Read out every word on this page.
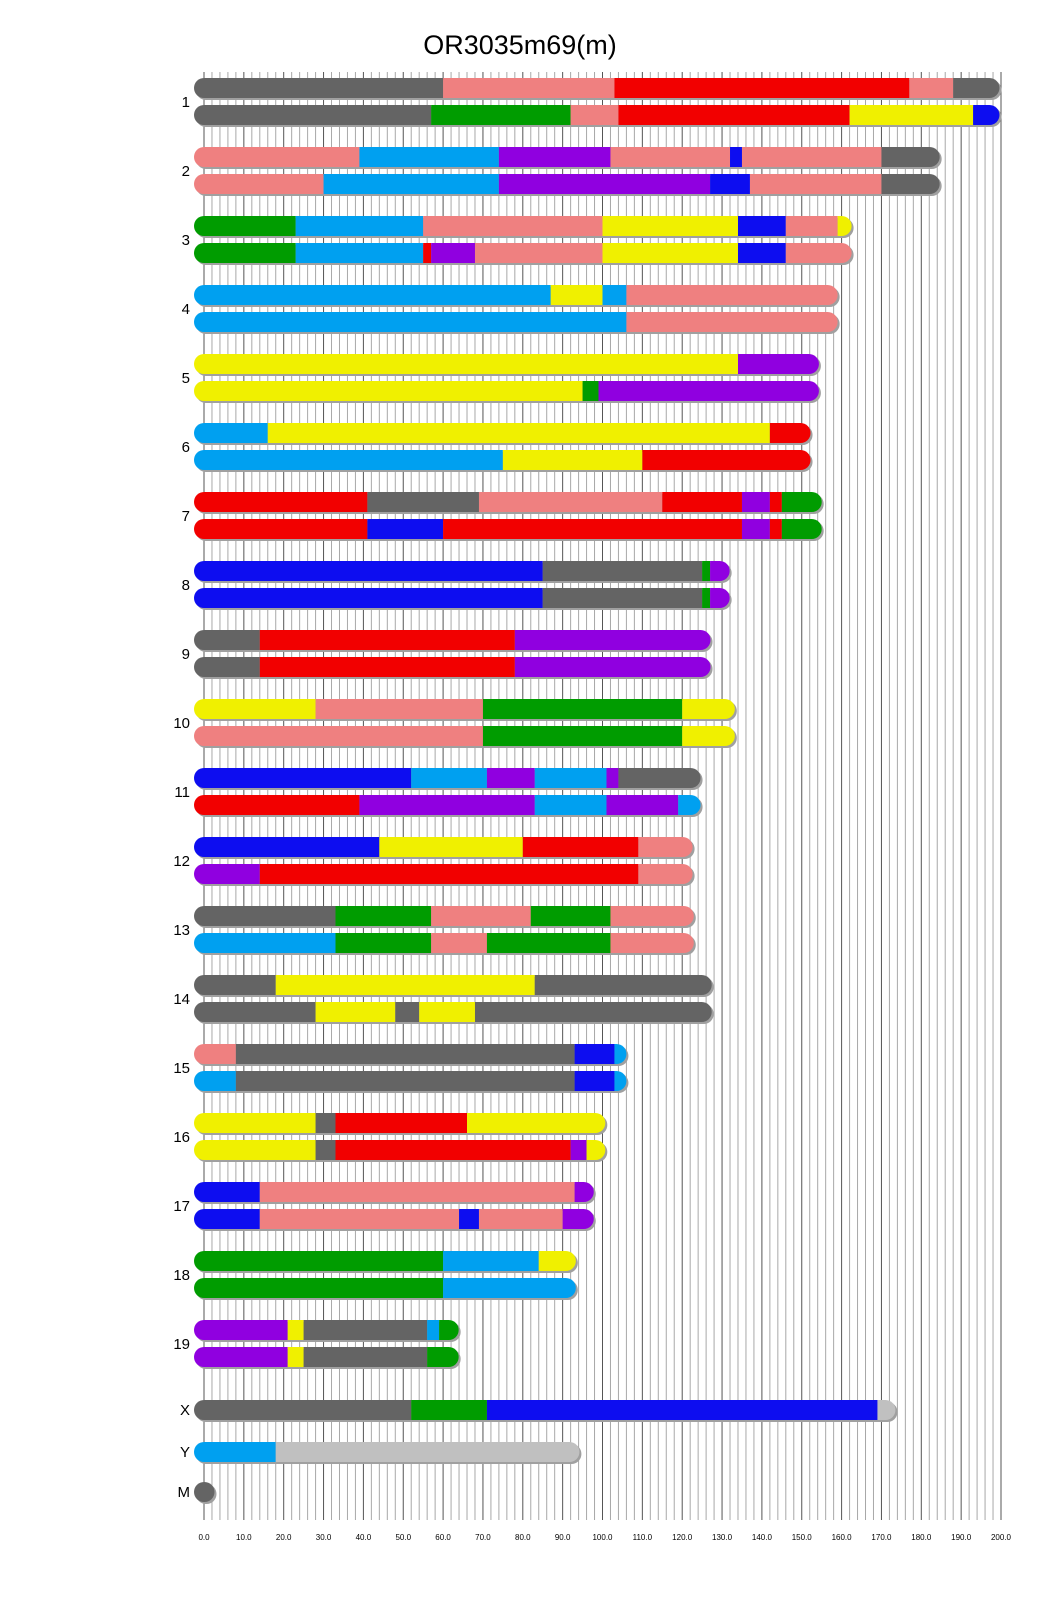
OR3035m69(m)
1
2
3
4
5
6
7
8
9
10
11
12
13
14
15
16
17
18
19
X
Y
M
0.0	10.0	20.0	30.0	40.0	50.0	60.0	70.0	80.0	90.0	100.0	110.0	120.0 130.0 140.0 150.0 160.0 170.0 180.0 190.0 200.0
